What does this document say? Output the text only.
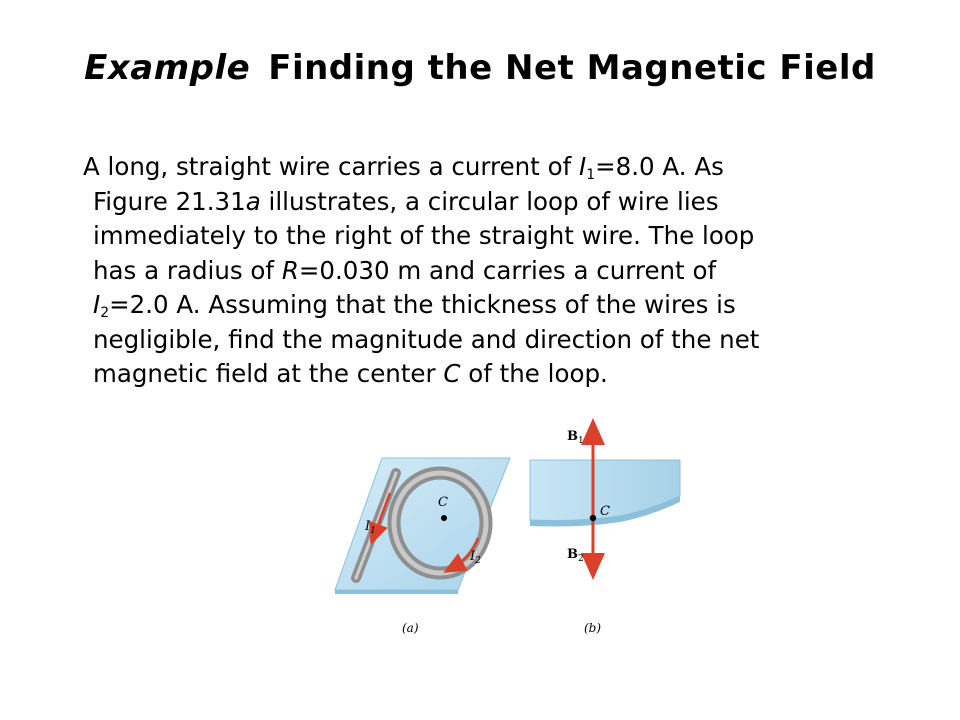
Example Finding the Net Magnetic Field
A long, straight wire carries a current of $I_1=8.0$ A. As
Figure 21.31a illustrates, a circular loop of wire lies
immediately to the right of the straight wire. The loop
has a radius of R=0.030 m and carries a current of
$I_2=2.0$ A. Assuming that the thickness of the wires is
negligible, find the magnitude and direction of the net
magnetic field at the center C of the loop.
C
$I_1$
$I_2$
(a)
C
$B_1$
$B_2$
(b)
